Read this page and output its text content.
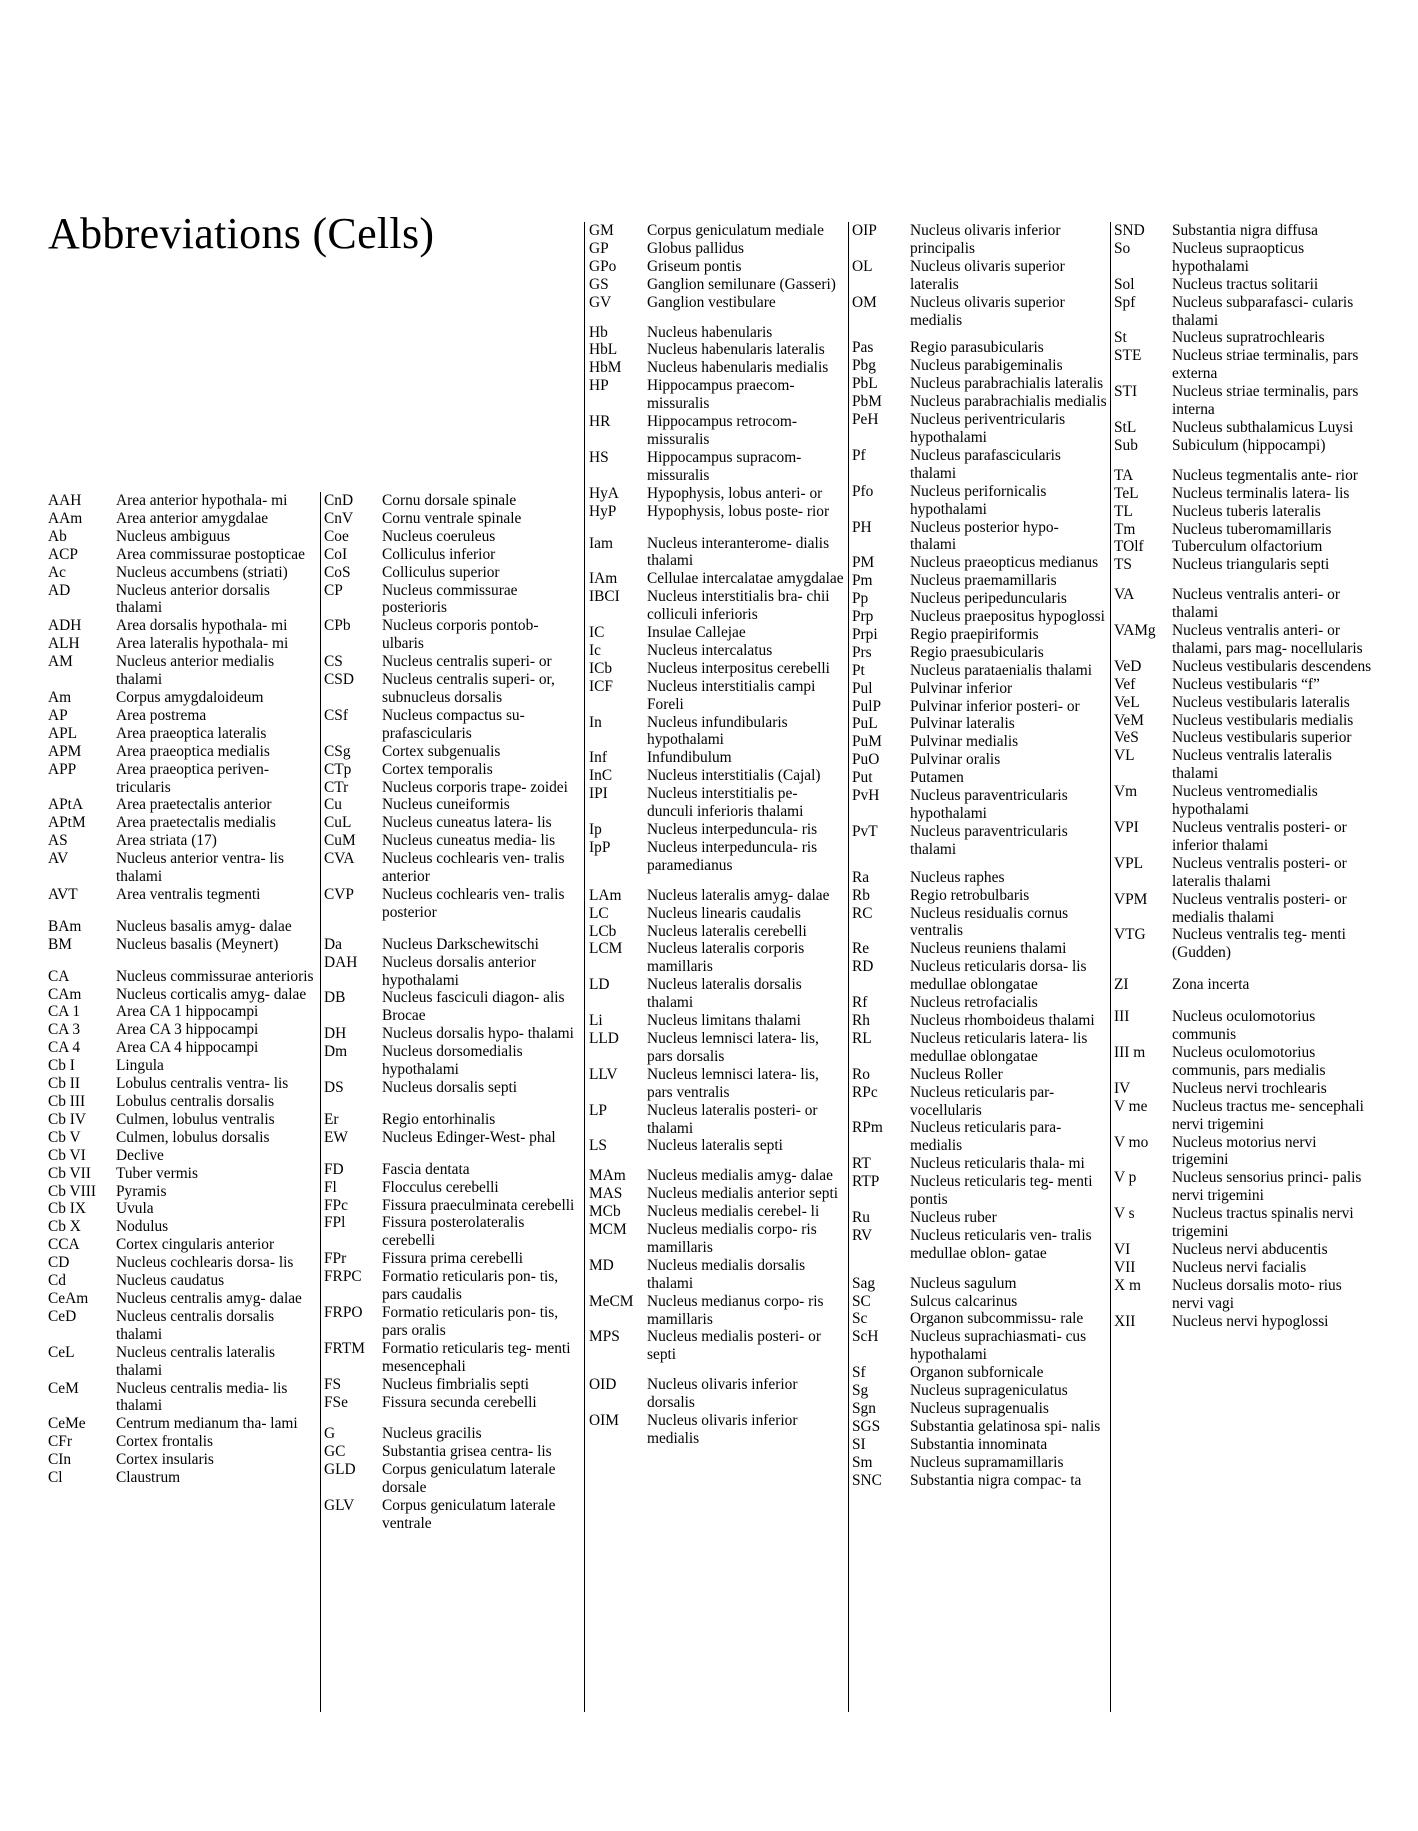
Abbreviations (Cells)
AAH	Area anterior hypothala- mi
AAm	Area anterior amygdalae
Ab	Nucleus ambiguus
ACP	Area commissurae postopticae
Ac	Nucleus accumbens (striati)
AD	Nucleus anterior dorsalis thalami
ADH	Area dorsalis hypothala- mi
ALH	Area lateralis hypothala- mi
AM	Nucleus anterior medialis thalami
Am	Corpus amygdaloideum
AP	Area postrema
APL	Area praeoptica lateralis
APM	Area praeoptica medialis
APP	Area praeoptica periven- tricularis
APtA	Area praetectalis anterior
APtM	Area praetectalis medialis
AS	Area striata (17)
AV	Nucleus anterior ventra- lis thalami
AVT	Area ventralis tegmenti
BAm	Nucleus basalis amyg- dalae
BM	Nucleus basalis (Meynert)
CA	Nucleus commissurae anterioris
CAm	Nucleus corticalis amyg- dalae
CA 1	Area CA 1 hippocampi
CA 3	Area CA 3 hippocampi
CA 4	Area CA 4 hippocampi
Cb I	Lingula
Cb II	Lobulus centralis ventra- lis
Cb III	Lobulus centralis dorsalis
Cb IV	Culmen, lobulus ventralis
Cb V	Culmen, lobulus dorsalis
Cb VI	Declive
Cb VII	Tuber vermis
Cb VIII	Pyramis
Cb IX	Uvula
Cb X	Nodulus
CCA	Cortex cingularis anterior
CD	Nucleus cochlearis dorsa- lis
Cd	Nucleus caudatus
CeAm	Nucleus centralis amyg- dalae
CeD	Nucleus centralis dorsalis thalami
CeL	Nucleus centralis lateralis thalami
CeM	Nucleus centralis media- lis thalami
CeMe	Centrum medianum tha- lami
CFr	Cortex frontalis
CIn	Cortex insularis
Cl	Claustrum
CnD	Cornu dorsale spinale
CnV	Cornu ventrale spinale
Coe	Nucleus coeruleus
CoI	Colliculus inferior
CoS	Colliculus superior
CP	Nucleus commissurae posterioris
CPb	Nucleus corporis pontob- ulbaris
CS	Nucleus centralis superi- or
CSD	Nucleus centralis superi- or, subnucleus dorsalis
CSf	Nucleus compactus su- prafascicularis
CSg	Cortex subgenualis
CTp	Cortex temporalis
CTr	Nucleus corporis trape- zoidei
Cu	Nucleus cuneiformis
CuL	Nucleus cuneatus latera- lis
CuM	Nucleus cuneatus media- lis
CVA	Nucleus cochlearis ven- tralis anterior
CVP	Nucleus cochlearis ven- tralis posterior
Da	Nucleus Darkschewitschi
DAH	Nucleus dorsalis anterior hypothalami
DB	Nucleus fasciculi diagon- alis Brocae
DH	Nucleus dorsalis hypo- thalami
Dm	Nucleus dorsomedialis hypothalami
DS	Nucleus dorsalis septi
Er	Regio entorhinalis
EW	Nucleus Edinger-West- phal
FD	Fascia dentata
Fl	Flocculus cerebelli
FPc	Fissura praeculminata cerebelli
FPl	Fissura posterolateralis cerebelli
FPr	Fissura prima cerebelli
FRPC	Formatio reticularis pon- tis, pars caudalis
FRPO	Formatio reticularis pon- tis, pars oralis
FRTM	Formatio reticularis teg- menti mesencephali
FS	Nucleus fimbrialis septi
FSe	Fissura secunda cerebelli
G	Nucleus gracilis
GC	Substantia grisea centra- lis
GLD	Corpus geniculatum laterale dorsale
GLV	Corpus geniculatum laterale ventrale
GM	Corpus geniculatum mediale
GP	Globus pallidus
GPo	Griseum pontis
GS	Ganglion semilunare (Gasseri)
GV	Ganglion vestibulare
Hb	Nucleus habenularis
HbL	Nucleus habenularis lateralis
HbM	Nucleus habenularis medialis
HP	Hippocampus praecom- missuralis
HR	Hippocampus retrocom- missuralis
HS	Hippocampus supracom- missuralis
HyA	Hypophysis, lobus anteri- or
HyP	Hypophysis, lobus poste- rior
Iam	Nucleus interanterome- dialis thalami
IAm	Cellulae intercalatae amygdalae
IBCI	Nucleus interstitialis bra- chii colliculi inferioris
IC	Insulae Callejae
Ic	Nucleus intercalatus
ICb	Nucleus interpositus cerebelli
ICF	Nucleus interstitialis campi Foreli
In	Nucleus infundibularis hypothalami
Inf	Infundibulum
InC	Nucleus interstitialis (Cajal)
IPI	Nucleus interstitialis pe- dunculi inferioris thalami
Ip	Nucleus interpeduncula- ris
IpP	Nucleus interpeduncula- ris paramedianus
LAm	Nucleus lateralis amyg- dalae
LC	Nucleus linearis caudalis
LCb	Nucleus lateralis cerebelli
LCM	Nucleus lateralis corporis mamillaris
LD	Nucleus lateralis dorsalis thalami
Li	Nucleus limitans thalami
LLD	Nucleus lemnisci latera- lis, pars dorsalis
LLV	Nucleus lemnisci latera- lis, pars ventralis
LP	Nucleus lateralis posteri- or thalami
LS	Nucleus lateralis septi
MAm	Nucleus medialis amyg- dalae
MAS	Nucleus medialis anterior septi
MCb	Nucleus medialis cerebel- li
MCM	Nucleus medialis corpo- ris mamillaris
MD	Nucleus medialis dorsalis thalami
MeCM Nucleus medianus corpo- ris mamillaris
MPS	Nucleus medialis posteri- or septi
OID	Nucleus olivaris inferior dorsalis
OIM	Nucleus olivaris inferior medialis
OIP	Nucleus olivaris inferior principalis
OL	Nucleus olivaris superior lateralis
OM	Nucleus olivaris superior medialis
Pas	Regio parasubicularis
Pbg	Nucleus parabigeminalis
PbL	Nucleus parabrachialis lateralis
PbM	Nucleus parabrachialis medialis
PeH	Nucleus periventricularis hypothalami
Pf	Nucleus parafascicularis thalami
Pfo	Nucleus perifornicalis hypothalami
PH	Nucleus posterior hypo- thalami
PM	Nucleus praeopticus medianus
Pm	Nucleus praemamillaris
Pp	Nucleus peripeduncularis
Prp	Nucleus praepositus hypoglossi
Prpi	Regio praepiriformis
Prs	Regio praesubicularis
Pt	Nucleus parataenialis thalami
Pul	Pulvinar inferior
PulP	Pulvinar inferior posteri- or
PuL	Pulvinar lateralis
PuM	Pulvinar medialis
PuO	Pulvinar oralis
Put	Putamen
PvH	Nucleus paraventricularis hypothalami
PvT	Nucleus paraventricularis thalami
Ra	Nucleus raphes
Rb	Regio retrobulbaris
RC	Nucleus residualis cornus ventralis
Re	Nucleus reuniens thalami
RD	Nucleus reticularis dorsa- lis medullae oblongatae
Rf	Nucleus retrofacialis
Rh	Nucleus rhomboideus thalami
RL	Nucleus reticularis latera- lis medullae oblongatae
Ro	Nucleus Roller
RPc	Nucleus reticularis par- vocellularis
RPm	Nucleus reticularis para- medialis
RT	Nucleus reticularis thala- mi
RTP	Nucleus reticularis teg- menti pontis
Ru	Nucleus ruber
RV	Nucleus reticularis ven- tralis medullae oblon- gatae
Sag	Nucleus sagulum
SC	Sulcus calcarinus
Sc	Organon subcommissu- rale
ScH	Nucleus suprachiasmati- cus hypothalami
Sf	Organon subfornicale
Sg	Nucleus suprageniculatus
Sgn	Nucleus supragenualis
SGS	Substantia gelatinosa spi- nalis
SI	Substantia innominata
Sm	Nucleus supramamillaris
SNC	Substantia nigra compac- ta
SND	Substantia nigra diffusa
So	Nucleus supraopticus hypothalami
Sol	Nucleus tractus solitarii
Spf	Nucleus subparafasci- cularis thalami
St	Nucleus supratrochlearis
STE	Nucleus striae terminalis, pars externa
STI	Nucleus striae terminalis, pars interna
StL	Nucleus subthalamicus Luysi
Sub	Subiculum (hippocampi)
TA	Nucleus tegmentalis ante- rior
TeL	Nucleus terminalis latera- lis
TL	Nucleus tuberis lateralis
Tm	Nucleus tuberomamillaris
TOlf	Tuberculum olfactorium
TS	Nucleus triangularis septi
VA	Nucleus ventralis anteri- or thalami
VAMg	Nucleus ventralis anteri- or thalami, pars mag- nocellularis
VeD	Nucleus vestibularis descendens
Vef	Nucleus vestibularis “f”
VeL	Nucleus vestibularis lateralis
VeM	Nucleus vestibularis medialis
VeS	Nucleus vestibularis superior
VL	Nucleus ventralis lateralis thalami
Vm	Nucleus ventromedialis hypothalami
VPI	Nucleus ventralis posteri- or inferior thalami
VPL	Nucleus ventralis posteri- or lateralis thalami
VPM	Nucleus ventralis posteri- or medialis thalami
VTG	Nucleus ventralis teg- menti (Gudden)
ZI	Zona incerta
III	Nucleus oculomotorius communis
III m	Nucleus oculomotorius communis, pars medialis
IV	Nucleus nervi trochlearis
V me	Nucleus tractus me- sencephali nervi trigemini
V mo	Nucleus motorius nervi trigemini
V p	Nucleus sensorius princi- palis nervi trigemini
V s	Nucleus tractus spinalis nervi trigemini
VI	Nucleus nervi abducentis
VII	Nucleus nervi facialis
X m	Nucleus dorsalis moto- rius nervi vagi
XII	Nucleus nervi hypoglossi
